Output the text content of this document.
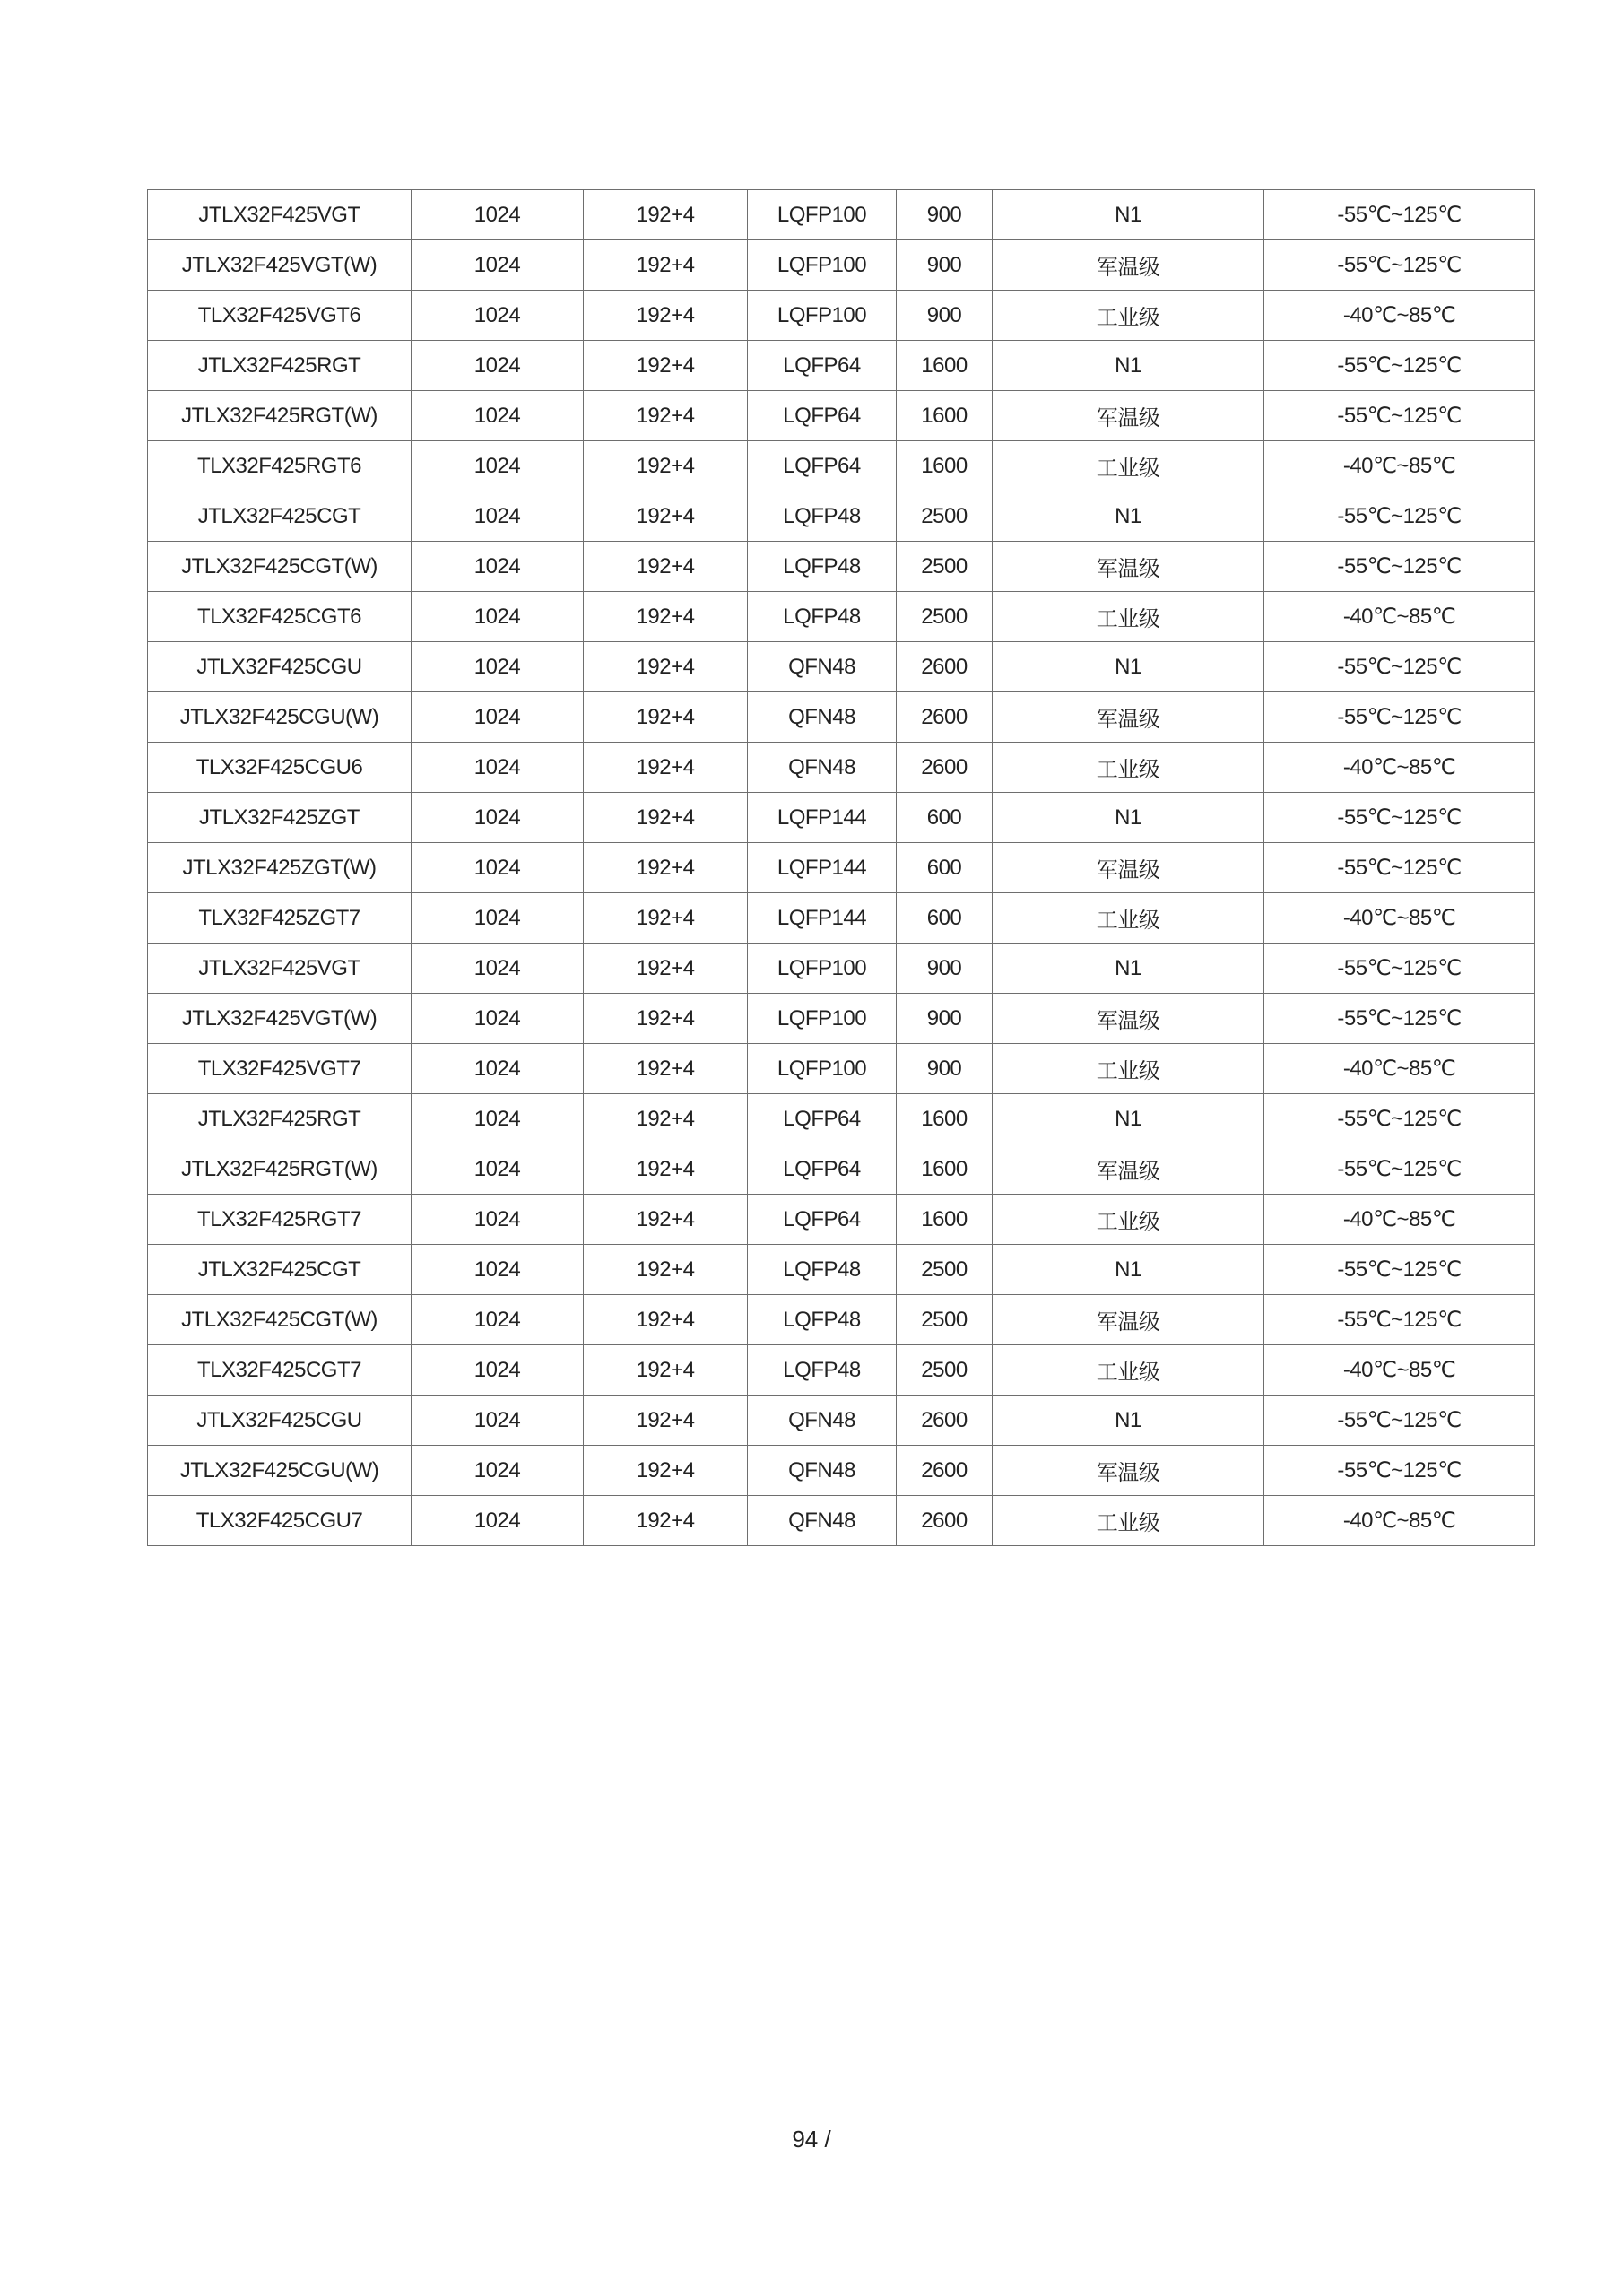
JTLX32F425VGT	1024	192+4	LQFP100	900	N1	-55℃~125℃
JTLX32F425VGT(W)	1024	192+4	LQFP100	900	军温级	-55℃~125℃
TLX32F425VGT6	1024	192+4	LQFP100	900	工业级	-40℃~85℃
JTLX32F425RGT	1024	192+4	LQFP64	1600	N1	-55℃~125℃
JTLX32F425RGT(W)	1024	192+4	LQFP64	1600	军温级	-55℃~125℃
TLX32F425RGT6	1024	192+4	LQFP64	1600	工业级	-40℃~85℃
JTLX32F425CGT	1024	192+4	LQFP48	2500	N1	-55℃~125℃
JTLX32F425CGT(W)	1024	192+4	LQFP48	2500	军温级	-55℃~125℃
TLX32F425CGT6	1024	192+4	LQFP48	2500	工业级	-40℃~85℃
JTLX32F425CGU	1024	192+4	QFN48	2600	N1	-55℃~125℃
JTLX32F425CGU(W)	1024	192+4	QFN48	2600	军温级	-55℃~125℃
TLX32F425CGU6	1024	192+4	QFN48	2600	工业级	-40℃~85℃
JTLX32F425ZGT	1024	192+4	LQFP144	600	N1	-55℃~125℃
JTLX32F425ZGT(W)	1024	192+4	LQFP144	600	军温级	-55℃~125℃
TLX32F425ZGT7	1024	192+4	LQFP144	600	工业级	-40℃~85℃
JTLX32F425VGT	1024	192+4	LQFP100	900	N1	-55℃~125℃
JTLX32F425VGT(W)	1024	192+4	LQFP100	900	军温级	-55℃~125℃
TLX32F425VGT7	1024	192+4	LQFP100	900	工业级	-40℃~85℃
JTLX32F425RGT	1024	192+4	LQFP64	1600	N1	-55℃~125℃
JTLX32F425RGT(W)	1024	192+4	LQFP64	1600	军温级	-55℃~125℃
TLX32F425RGT7	1024	192+4	LQFP64	1600	工业级	-40℃~85℃
JTLX32F425CGT	1024	192+4	LQFP48	2500	N1	-55℃~125℃
JTLX32F425CGT(W)	1024	192+4	LQFP48	2500	军温级	-55℃~125℃
TLX32F425CGT7	1024	192+4	LQFP48	2500	工业级	-40℃~85℃
JTLX32F425CGU	1024	192+4	QFN48	2600	N1	-55℃~125℃
JTLX32F425CGU(W)	1024	192+4	QFN48	2600	军温级	-55℃~125℃
TLX32F425CGU7	1024	192+4	QFN48	2600	工业级	-40℃~85℃
94 /
